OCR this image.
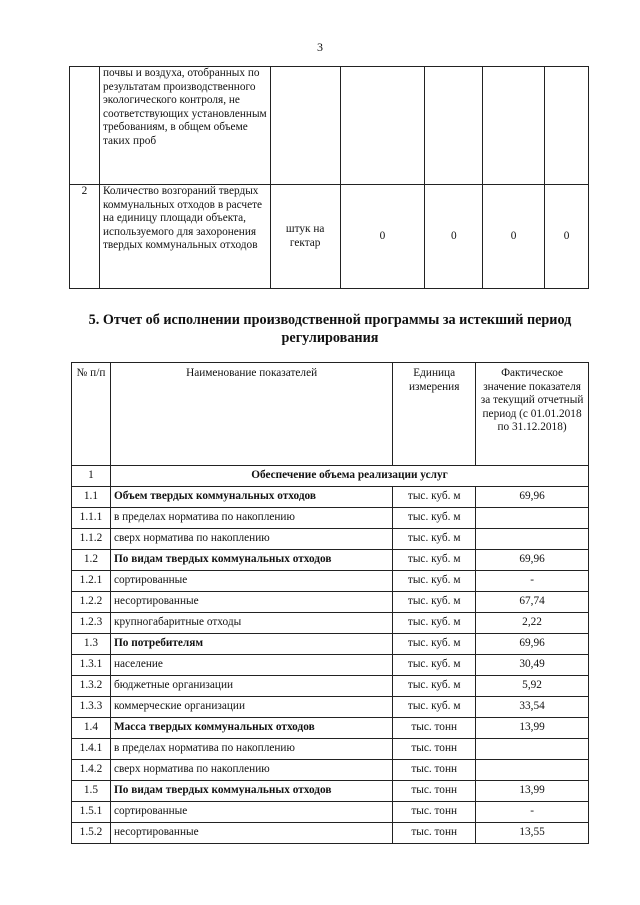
3
	почвы и воздуха, отобранных по результатам производственного экологического контроля, не соответствующих установленным требованиям, в общем объеме таких проб					
2	Количество возгораний твердых коммунальных отходов в расчете на единицу площади объекта, используемого для захоронения твердых коммунальных отходов	штук на гектар	0	0	0	0
5. Отчет об исполнении производственной программы за истекший период регулирования
№ п/п	Наименование показателей	Единица измерения	Фактическое значение показателя за текущий отчетный период (с 01.01.2018 по 31.12.2018)
1	Обеспечение объема реализации услуг		
1.1	Объем твердых коммунальных отходов	тыс. куб. м	69,96
1.1.1	в пределах норматива по накоплению	тыс. куб. м	
1.1.2	сверх норматива по накоплению	тыс. куб. м	
1.2	По видам твердых коммунальных отходов	тыс. куб. м	69,96
1.2.1	сортированные	тыс. куб. м	-
1.2.2	несортированные	тыс. куб. м	67,74
1.2.3	крупногабаритные отходы	тыс. куб. м	2,22
1.3	По потребителям	тыс. куб. м	69,96
1.3.1	население	тыс. куб. м	30,49
1.3.2	бюджетные организации	тыс. куб. м	5,92
1.3.3	коммерческие организации	тыс. куб. м	33,54
1.4	Масса твердых коммунальных отходов	тыс. тонн	13,99
1.4.1	в пределах норматива по накоплению	тыс. тонн	
1.4.2	сверх норматива по накоплению	тыс. тонн	
1.5	По видам твердых коммунальных отходов	тыс. тонн	13,99
1.5.1	сортированные	тыс. тонн	-
1.5.2	несортированные	тыс. тонн	13,55
